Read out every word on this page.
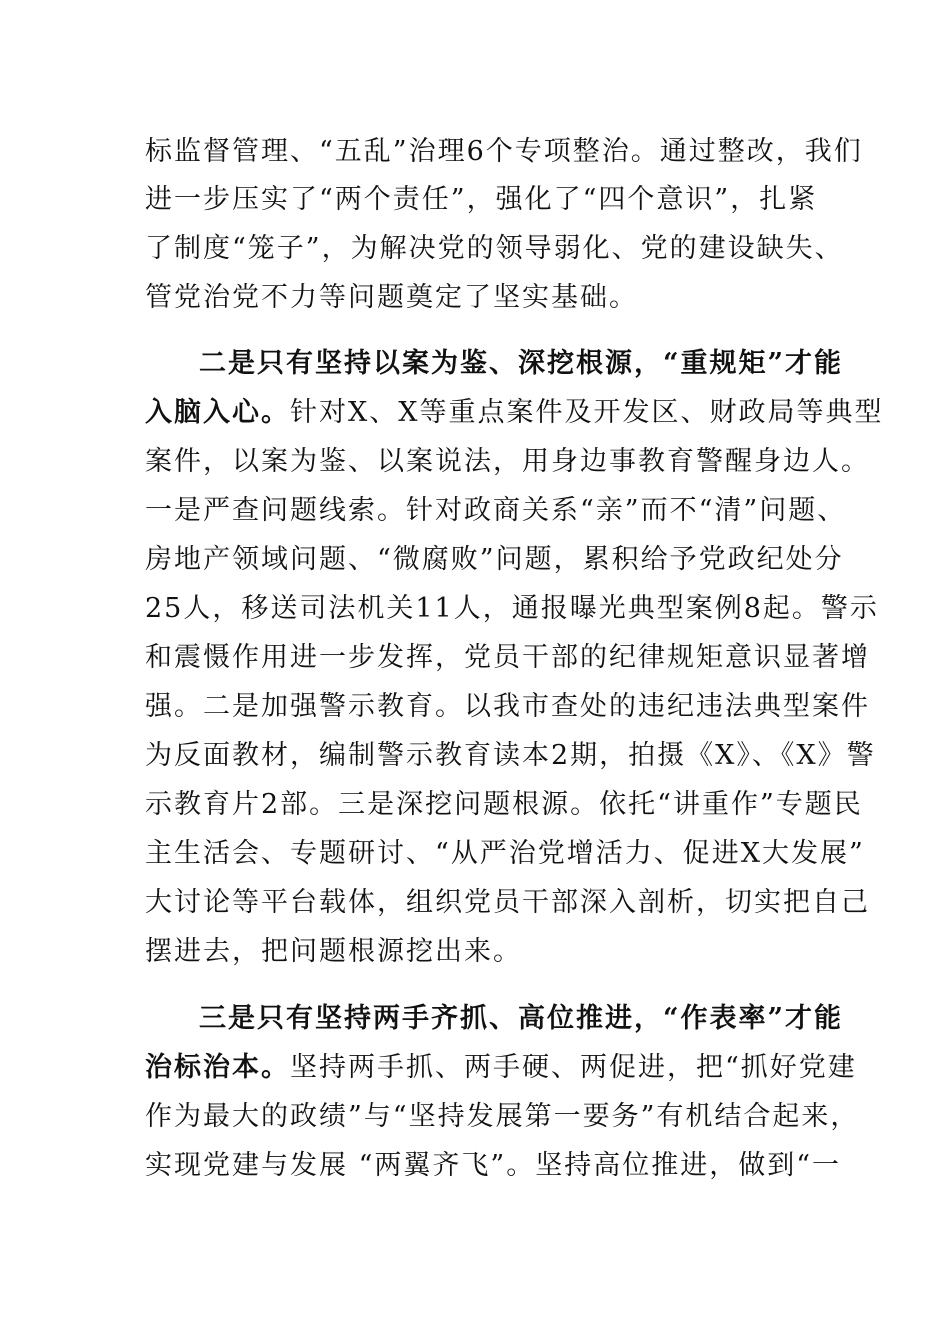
标监督管理、“五乱”治理6个专项整治。通过整改，我们
进一步压实了“两个责任”，强化了“四个意识”，扎紧
了制度“笼子”，为解决党的领导弱化、党的建设缺失、
管党治党不力等问题奠定了坚实基础。
二是只有坚持以案为鉴、深挖根源，“重规矩”才能
入脑入心。针对X、X等重点案件及开发区、财政局等典型
案件，以案为鉴、以案说法，用身边事教育警醒身边人。
一是严查问题线索。针对政商关系“亲”而不“清”问题、
房地产领域问题、“微腐败”问题，累积给予党政纪处分
25人，移送司法机关11人，通报曝光典型案例8起。警示
和震慑作用进一步发挥，党员干部的纪律规矩意识显著增
强。二是加强警示教育。以我市查处的违纪违法典型案件
为反面教材，编制警示教育读本2期，拍摄《X》、《X》警
示教育片2部。三是深挖问题根源。依托“讲重作”专题民
主生活会、专题研讨、“从严治党增活力、促进X大发展”
大讨论等平台载体，组织党员干部深入剖析，切实把自己
摆进去，把问题根源挖出来。
三是只有坚持两手齐抓、高位推进，“作表率”才能
治标治本。坚持两手抓、两手硬、两促进，把“抓好党建
作为最大的政绩”与“坚持发展第一要务”有机结合起来，
实现党建与发展 “两翼齐飞”。坚持高位推进，做到“一
